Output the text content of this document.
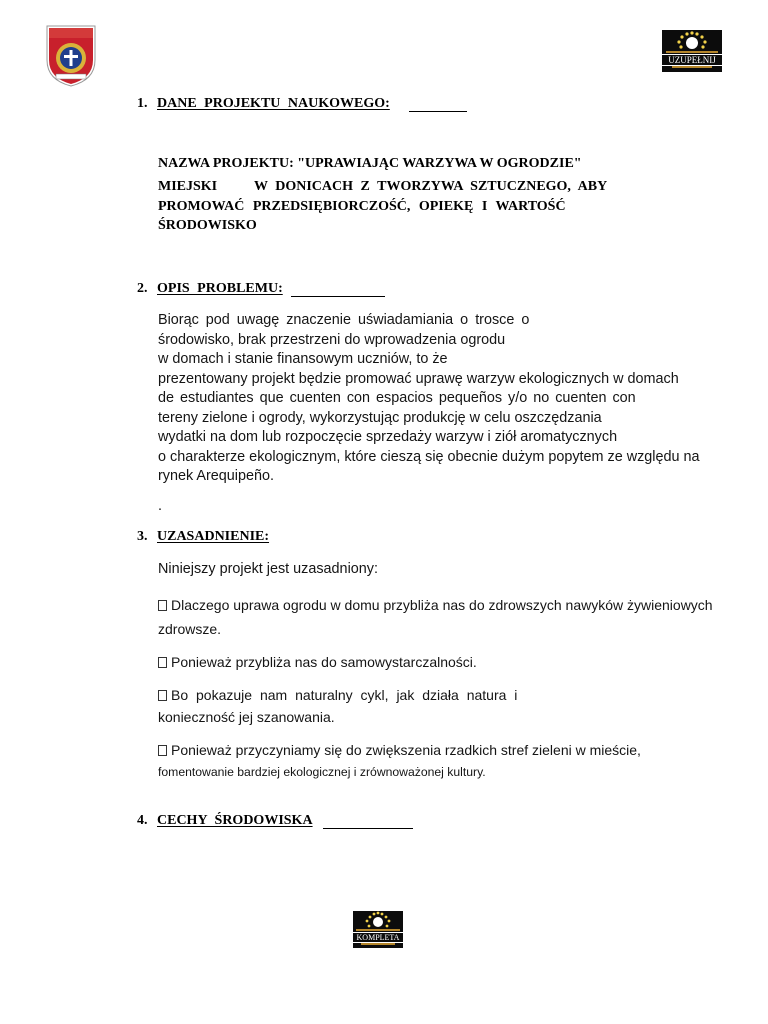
UZUPEŁNIJ
1. DANE PROJEKTU NAUKOWEGO:
NAZWA PROJEKTU: "UPRAWIAJĄC WARZYWA W OGRODZIE"
MIEJSKI	W DONICACH Z TWORZYWA SZTUCZNEGO, ABY
PROMOWAĆ PRZEDSIĘBIORCZOŚĆ, OPIEKĘ I WARTOŚĆ
ŚRODOWISKO
2. OPIS PROBLEMU:
Biorąc pod uwagę znaczenie uświadamiania o trosce o
środowisko, brak przestrzeni do wprowadzenia ogrodu
w domach i stanie finansowym uczniów, to że
prezentowany projekt będzie promować uprawę warzyw ekologicznych w domach
de estudiantes que cuenten con espacios pequeños y/o no cuenten con
tereny zielone i ogrody, wykorzystując produkcję w celu oszczędzania
wydatki na dom lub rozpoczęcie sprzedaży warzyw i ziół aromatycznych
o charakterze ekologicznym, które cieszą się obecnie dużym popytem ze względu na
rynek Arequipeño.
.
3. UZASADNIENIE:
Niniejszy projekt jest uzasadniony:
Dlaczego uprawa ogrodu w domu przybliża nas do zdrowszych nawyków żywieniowych
zdrowsze.
Ponieważ przybliża nas do samowystarczalności.
Bo pokazuje nam naturalny cykl, jak działa natura i
konieczność jej szanowania.
Ponieważ przyczyniamy się do zwiększenia rzadkich stref zieleni w mieście,
fomentowanie bardziej ekologicznej i zrównoważonej kultury.
4. CECHY ŚRODOWISKA
KOMPLETA
